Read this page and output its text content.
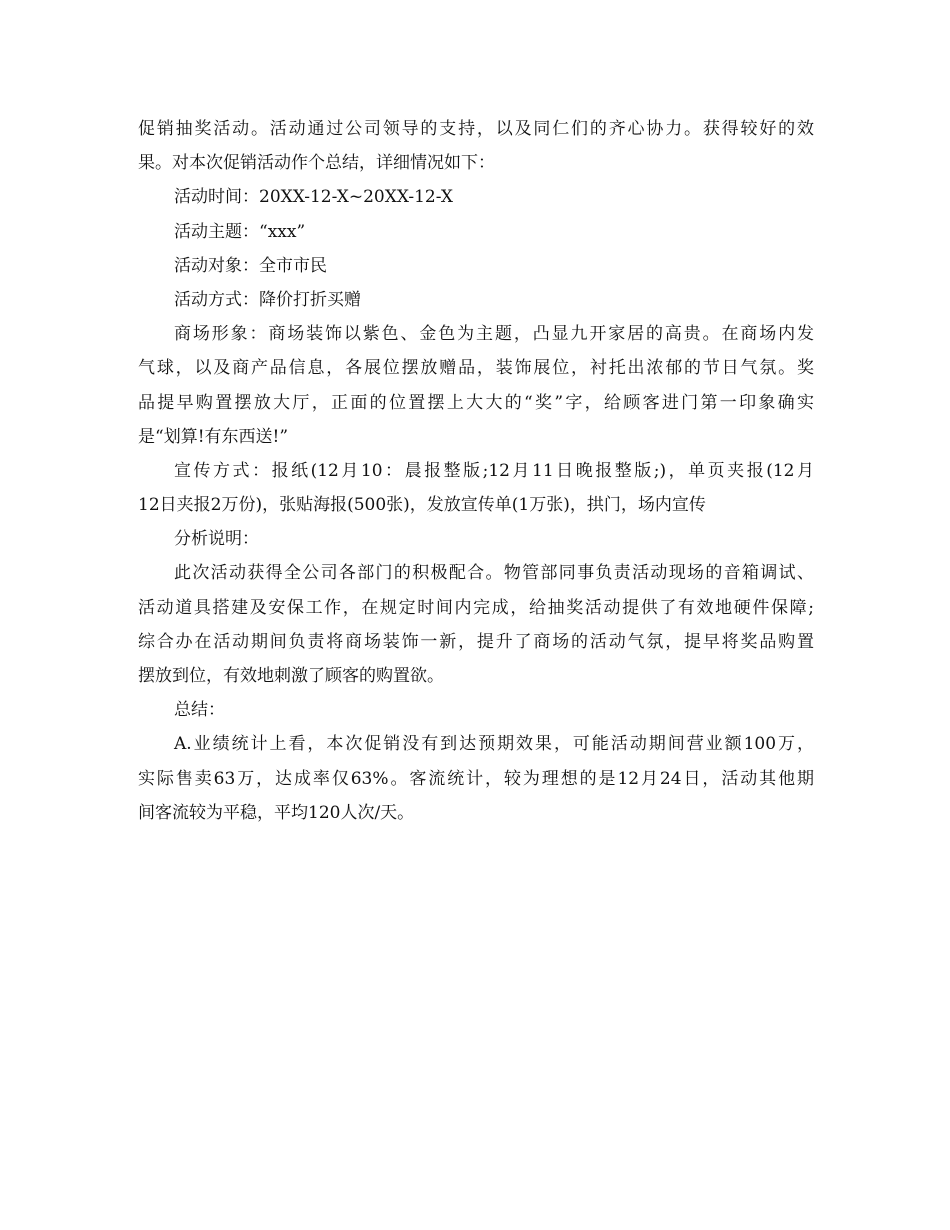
促销抽奖活动。活动通过公司领导的支持，以及同仁们的齐心协力。获得较好的效
果。对本次促销活动作个总结，详细情况如下：
活动时间：20XX-12-X~20XX-12-X
活动主题：“xxx”
活动对象：全市市民
活动方式：降价打折买赠
商场形象：商场装饰以紫色、金色为主题，凸显九开家居的高贵。在商场内发
气球，以及商产品信息，各展位摆放赠品，装饰展位，衬托出浓郁的节日气氛。奖
品提早购置摆放大厅，正面的位置摆上大大的“奖”字，给顾客进门第一印象确实
是“划算!有东西送!”
宣传方式：报纸(12月10：晨报整版;12月11日晚报整版;)，单页夹报(12月
12日夹报2万份)，张贴海报(500张)，发放宣传单(1万张)，拱门，场内宣传
分析说明：
此次活动获得全公司各部门的积极配合。物管部同事负责活动现场的音箱调试、
活动道具搭建及安保工作，在规定时间内完成，给抽奖活动提供了有效地硬件保障;
综合办在活动期间负责将商场装饰一新，提升了商场的活动气氛，提早将奖品购置
摆放到位，有效地刺激了顾客的购置欲。
总结：
A.业绩统计上看，本次促销没有到达预期效果，可能活动期间营业额100万，
实际售卖63万，达成率仅63%。客流统计，较为理想的是12月24日，活动其他期
间客流较为平稳，平均120人次/天。
